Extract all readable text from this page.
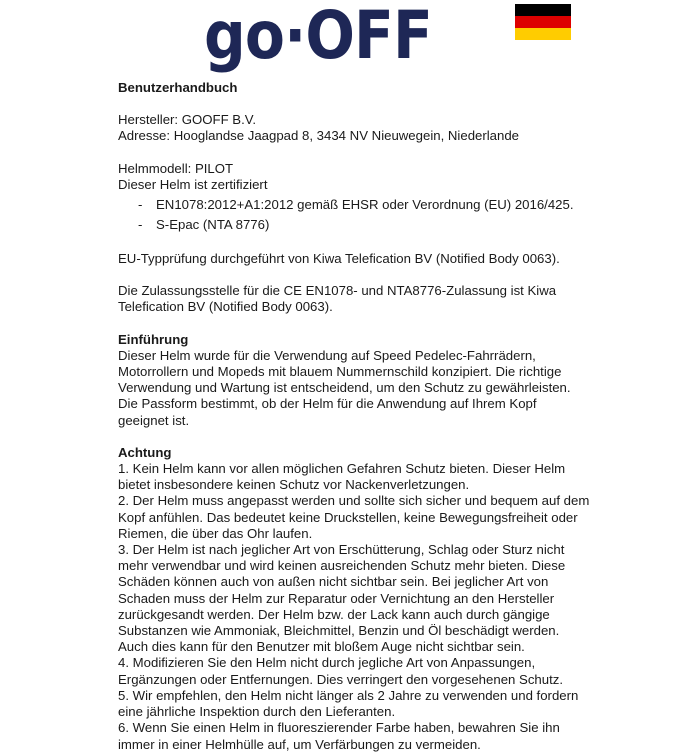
go·OFF

Benutzerhandbuch

Hersteller: GOOFF B.V.

Adresse: Hooglandse Jaagpad 8, 3434 NV Nieuwegein, Niederlande

Helmmodell: PILOT

Dieser Helm ist zertifiziert

- EN1078:2012+A1:2012 gemäß EHSR oder Verordnung (EU) 2016/425.
- S-Epac (NTA 8776)

EU-Typprüfung durchgeführt von Kiwa Telefication BV (Notified Body 0063).

Die Zulassungsstelle für die CE EN1078- und NTA8776-Zulassung ist Kiwa Telefication BV (Notified Body 0063).

Einführung

Dieser Helm wurde für die Verwendung auf Speed Pedelec-Fahrrädern, Motorrollern und Mopeds mit blauem Nummernschild konzipiert. Die richtige Verwendung und Wartung ist entscheidend, um den Schutz zu gewährleisten. Die Passform bestimmt, ob der Helm für die Anwendung auf Ihrem Kopf geeignet ist.

Achtung

1. Kein Helm kann vor allen möglichen Gefahren Schutz bieten. Dieser Helm bietet insbesondere keinen Schutz vor Nackenverletzungen.

2. Der Helm muss angepasst werden und sollte sich sicher und bequem auf dem Kopf anfühlen. Das bedeutet keine Druckstellen, keine Bewegungsfreiheit oder Riemen, die über das Ohr laufen.

3. Der Helm ist nach jeglicher Art von Erschütterung, Schlag oder Sturz nicht mehr verwendbar und wird keinen ausreichenden Schutz mehr bieten. Diese Schäden können auch von außen nicht sichtbar sein. Bei jeglicher Art von Schaden muss der Helm zur Reparatur oder Vernichtung an den Hersteller zurückgesandt werden. Der Helm bzw. der Lack kann auch durch gängige Substanzen wie Ammoniak, Bleichmittel, Benzin und Öl beschädigt werden. Auch dies kann für den Benutzer mit bloßem Auge nicht sichtbar sein.

4. Modifizieren Sie den Helm nicht durch jegliche Art von Anpassungen, Ergänzungen oder Entfernungen. Dies verringert den vorgesehenen Schutz.

5. Wir empfehlen, den Helm nicht länger als 2 Jahre zu verwenden und fordern eine jährliche Inspektion durch den Lieferanten.

6. Wenn Sie einen Helm in fluoreszierender Farbe haben, bewahren Sie ihn immer in einer Helmhülle auf, um Verfärbungen zu vermeiden.
